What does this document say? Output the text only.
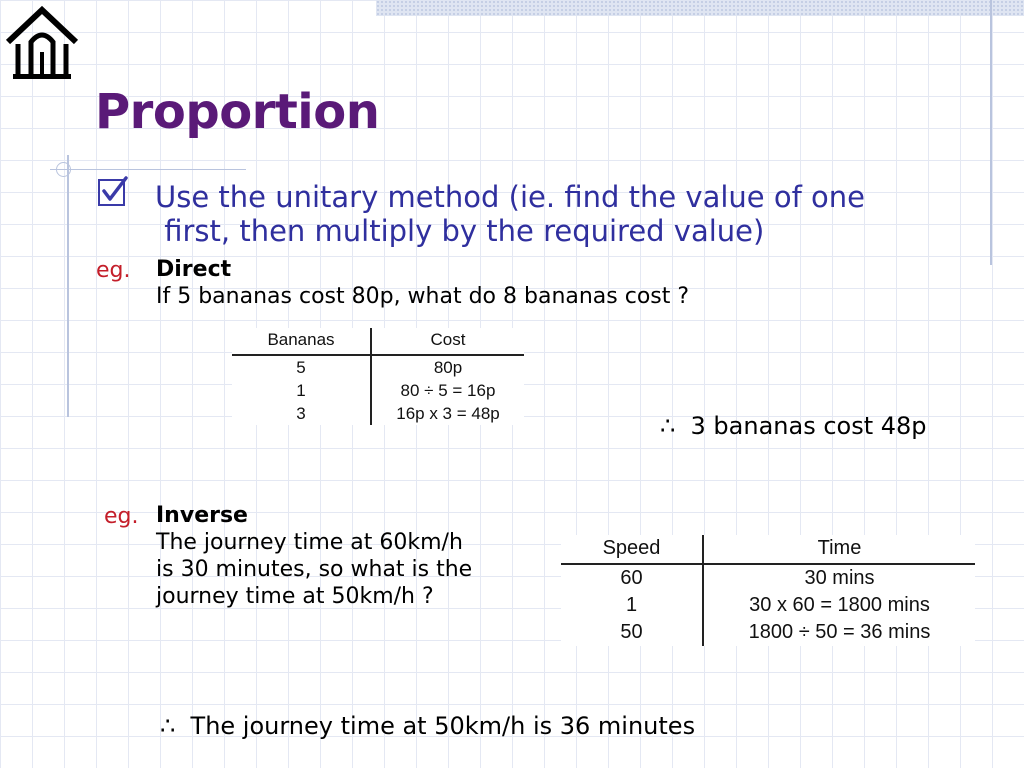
Proportion
Use the unitary method (ie. find the value of one
first, then multiply by the required value)
eg. Direct
If 5 bananas cost 80p, what do 8 bananas cost ?
Bananas	Cost
5	80p
1	80 ÷ 5 = 16p
3	16p x 3 = 48p	∴  3 bananas cost 48p
eg. Inverse
The journey time at 60km/h
is 30 minutes, so what is the
journey time at 50km/h ?
Speed	Time
60	30 mins
1	30 x 60 = 1800 mins
50	1800 ÷ 50 = 36 mins
∴  The journey time at 50km/h is 36 minutes
